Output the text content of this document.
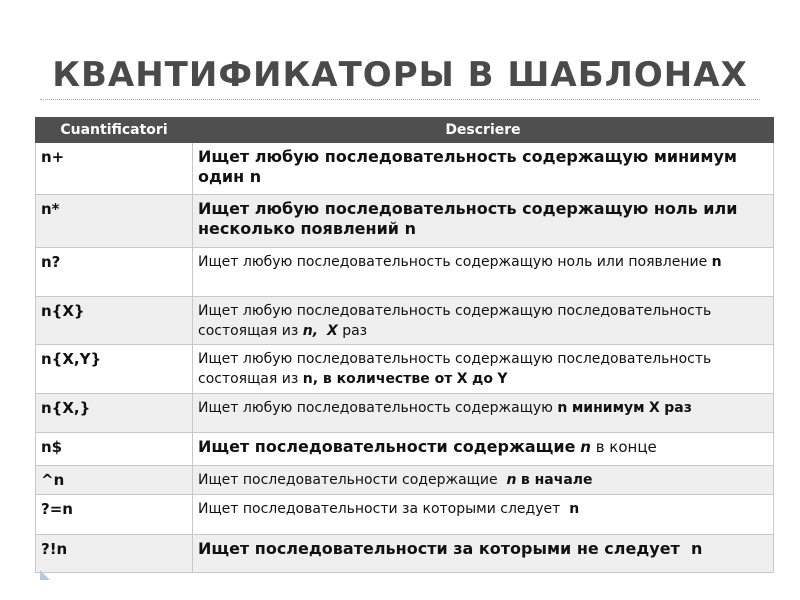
КВАНТИФИКАТОРЫ В ШАБЛОНАХ
Cuantificatori	Descriere
n+	Ищет любую последовательность содержащую минимум один n
n*	Ищет любую последовательность содержащую ноль или несколько появлений n
n?	Ищет любую последовательность содержащую ноль или появление n
n{X}	Ищет любую последовательность содержащую последовательность состоящая из n, X раз
n{X,Y}	Ищет любую последовательность содержащую последовательность состоящая из n, в количестве от X до Y
n{X,}	Ищет любую последовательность содержащую n минимум X раз
n$	Ищет последовательности содержащие n в конце
^n	Ищет последовательности содержащие n в начале
?=n	Ищет последовательности за которыми следует n
?!n	Ищет последовательности за которыми не следует n
